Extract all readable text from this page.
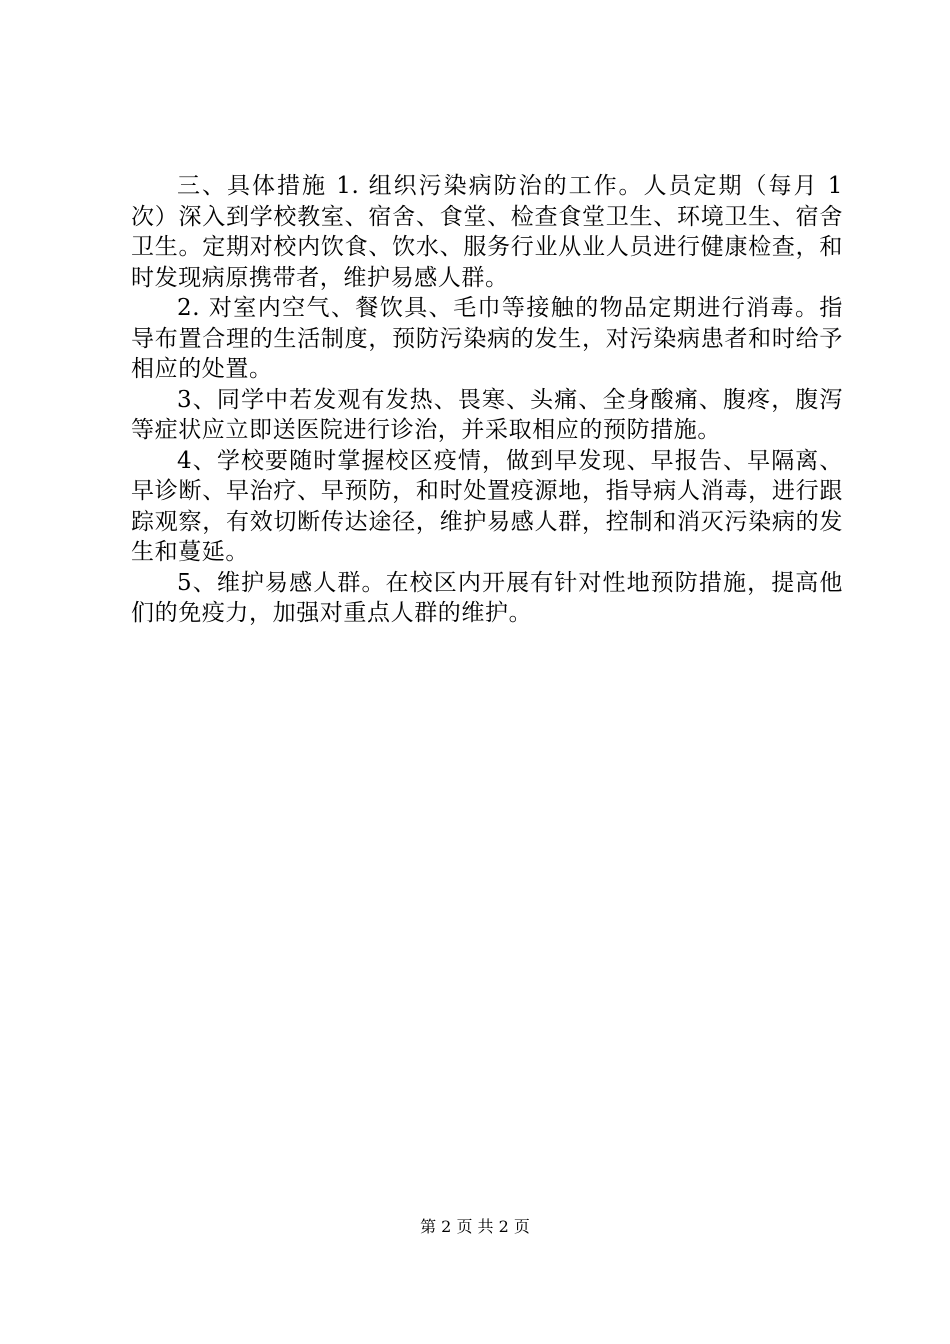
三、具体措施 1. 组织污染病防治的工作。人员定期（每月 1 次）深入到学校教室、宿舍、食堂、检查食堂卫生、环境卫生、宿舍卫生。定期对校内饮食、饮水、服务行业从业人员进行健康检查，和时发现病原携带者，维护易感人群。

2. 对室内空气、餐饮具、毛巾等接触的物品定期进行消毒。指导布置合理的生活制度，预防污染病的发生，对污染病患者和时给予相应的处置。

3、同学中若发观有发热、畏寒、头痛、全身酸痛、腹疼，腹泻等症状应立即送医院进行诊治，并采取相应的预防措施。

4、学校要随时掌握校区疫情，做到早发现、早报告、早隔离、早诊断、早治疗、早预防，和时处置疫源地，指导病人消毒，进行跟踪观察，有效切断传达途径，维护易感人群，控制和消灭污染病的发生和蔓延。

5、维护易感人群。在校区内开展有针对性地预防措施，提高他们的免疫力，加强对重点人群的维护。

第 2 页 共 2 页
